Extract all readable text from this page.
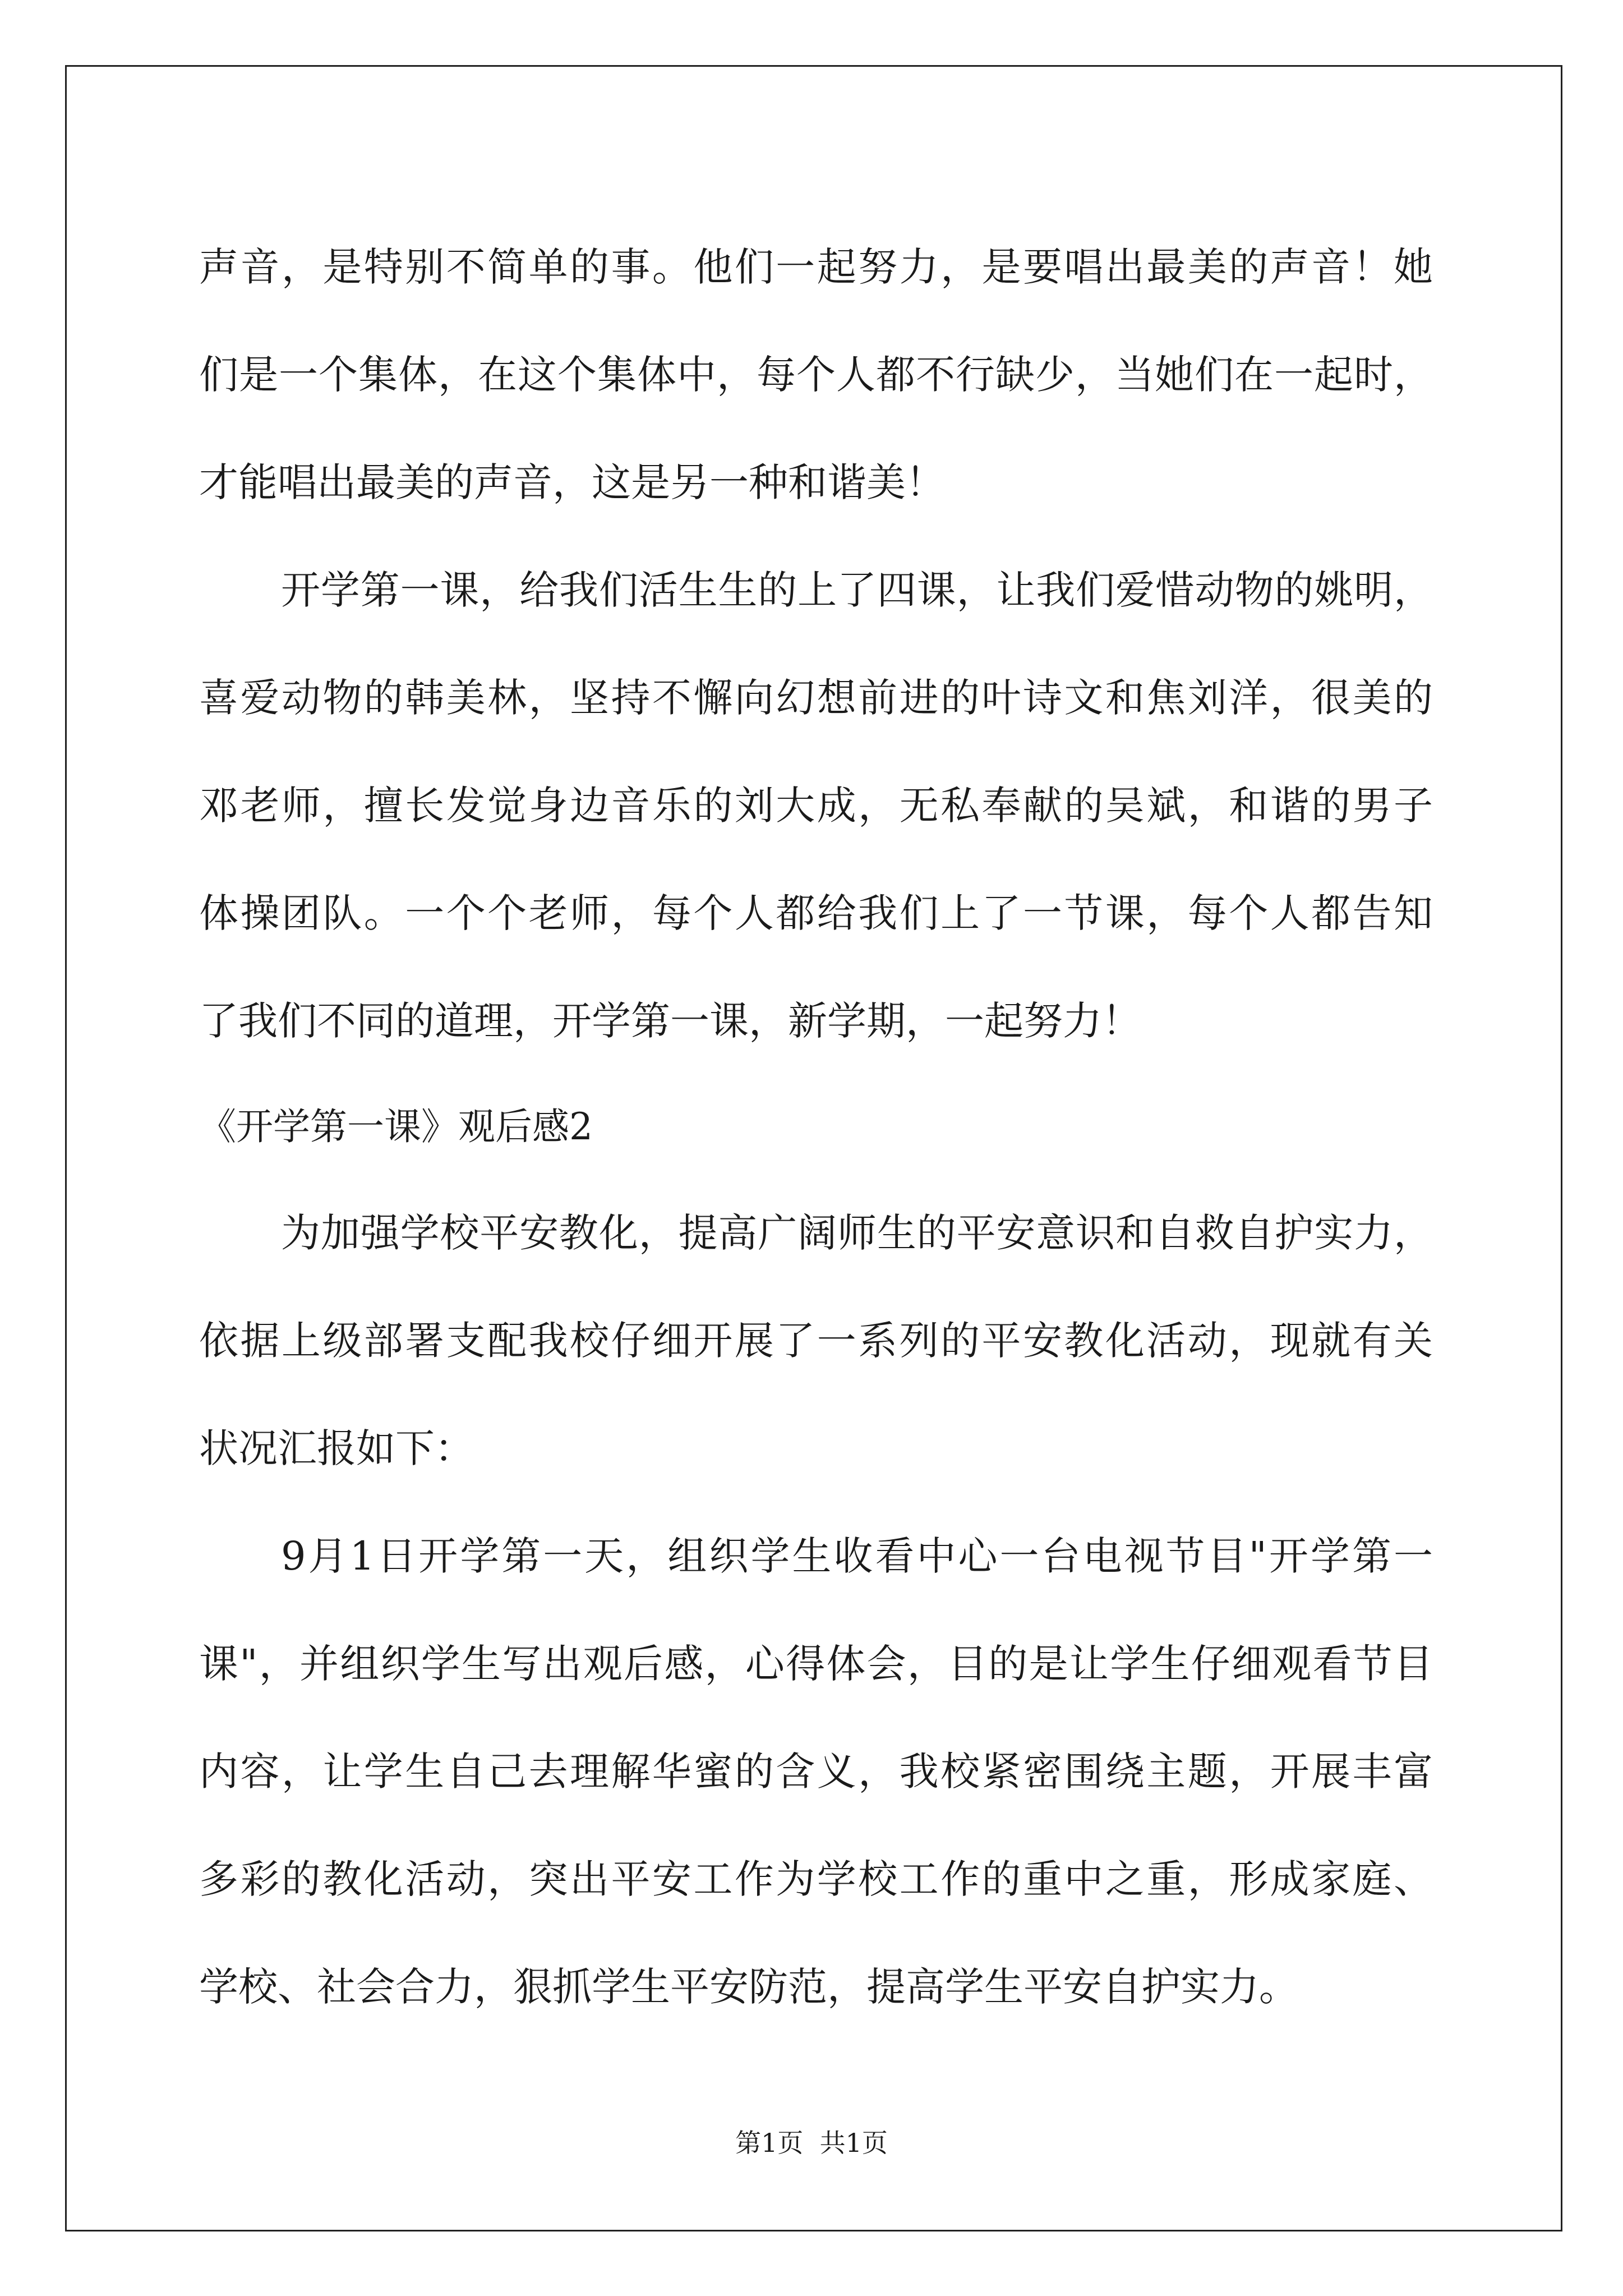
声音，是特别不简单的事。他们一起努力，是要唱出最美的声音！她
们是一个集体，在这个集体中，每个人都不行缺少，当她们在一起时，
才能唱出最美的声音，这是另一种和谐美！
开学第一课，给我们活生生的上了四课，让我们爱惜动物的姚明，
喜爱动物的韩美林，坚持不懈向幻想前进的叶诗文和焦刘洋，很美的
邓老师，擅长发觉身边音乐的刘大成，无私奉献的吴斌，和谐的男子
体操团队。一个个老师，每个人都给我们上了一节课，每个人都告知
了我们不同的道理，开学第一课，新学期，一起努力！
《开学第一课》观后感2
为加强学校平安教化，提高广阔师生的平安意识和自救自护实力，
依据上级部署支配我校仔细开展了一系列的平安教化活动，现就有关
状况汇报如下：
9月1日开学第一天，组织学生收看中心一台电视节目"开学第一
课"，并组织学生写出观后感，心得体会，目的是让学生仔细观看节目
内容，让学生自己去理解华蜜的含义，我校紧密围绕主题，开展丰富
多彩的教化活动，突出平安工作为学校工作的重中之重，形成家庭、
学校、社会合力，狠抓学生平安防范，提高学生平安自护实力。
第1页  共1页
